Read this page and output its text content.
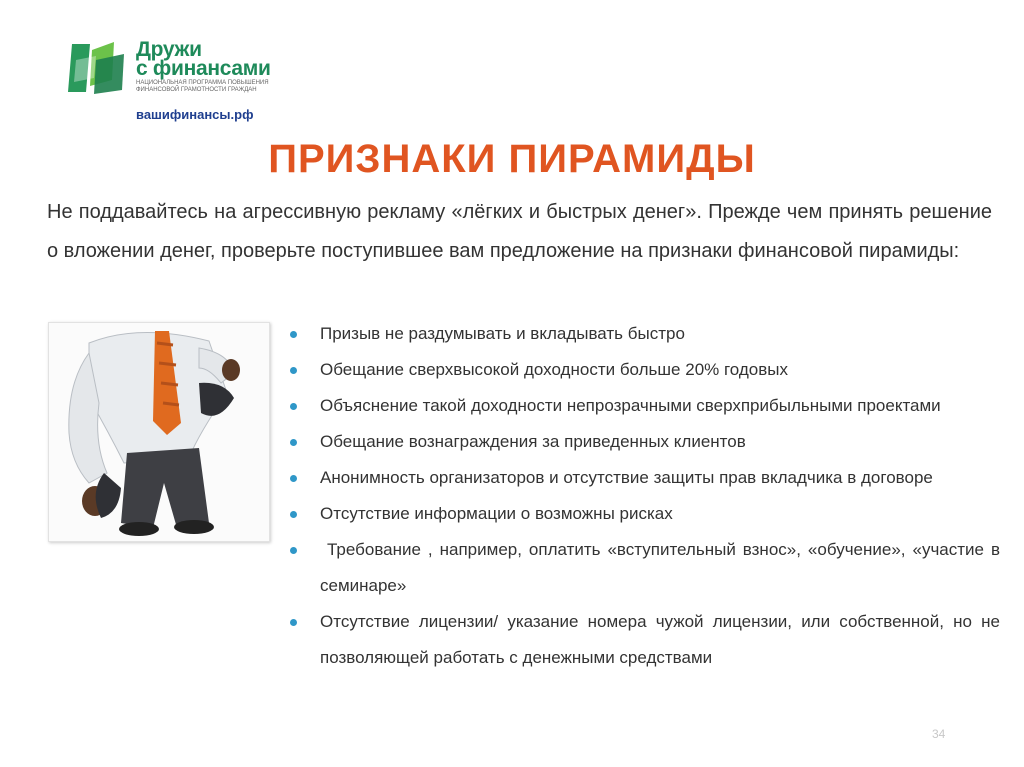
Дружи
с финансами
НАЦИОНАЛЬНАЯ ПРОГРАММА ПОВЫШЕНИЯ
ФИНАНСОВОЙ ГРАМОТНОСТИ ГРАЖДАН
вашифинансы.рф
ПРИЗНАКИ ПИРАМИДЫ
Не поддавайтесь на агрессивную рекламу «лёгких и быстрых денег». Прежде чем принять решение о вложении денег, проверьте поступившее вам предложение на признаки финансовой пирамиды:
Призыв не раздумывать и вкладывать быстро
Обещание сверхвысокой доходности больше 20% годовых
Объяснение такой доходности непрозрачными сверхприбыльными проектами
Обещание вознаграждения за приведенных клиентов
Анонимность организаторов и отсутствие защиты прав вкладчика в договоре
Отсутствие информации о возможны рисках
Требование , например, оплатить «вступительный взнос», «обучение», «участие в семинаре»
Отсутствие лицензии/ указание номера чужой лицензии, или собственной, но не позволяющей работать с денежными средствами
34
